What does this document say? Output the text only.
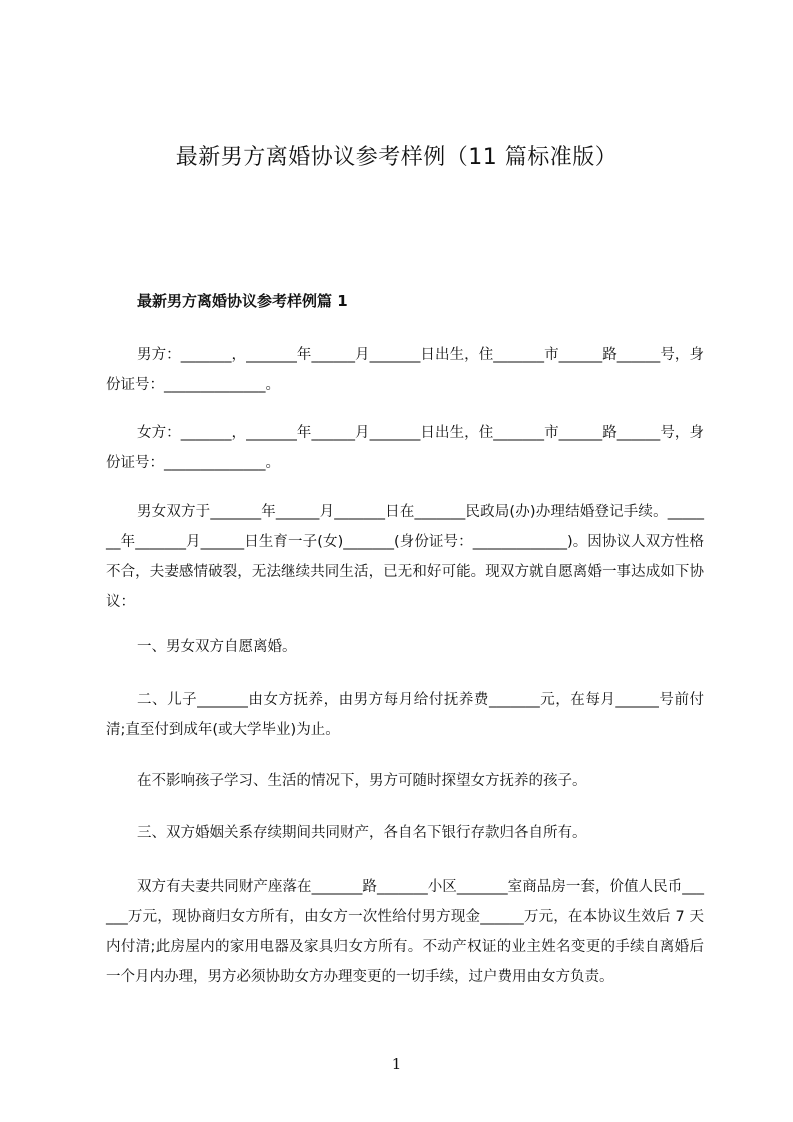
最新男方离婚协议参考样例（11 篇标准版）
最新男方离婚协议参考样例篇 1
男方：_______，_______年______月_______日出生，住_______市______路______号，身份证号：______________。
女方：_______，_______年______月_______日出生，住_______市______路______号，身份证号：______________。
男女双方于_______年______月_______日在_______民政局(办)办理结婚登记手续。_______年_______月______日生育一子(女)_______(身份证号：_____________)。因协议人双方性格不合，夫妻感情破裂，无法继续共同生活，已无和好可能。现双方就自愿离婚一事达成如下协议：
一、男女双方自愿离婚。
二、儿子_______由女方抚养，由男方每月给付抚养费_______元，在每月______号前付清;直至付到成年(或大学毕业)为止。
在不影响孩子学习、生活的情况下，男方可随时探望女方抚养的孩子。
三、双方婚姻关系存续期间共同财产，各自名下银行存款归各自所有。
双方有夫妻共同财产座落在_______路_______小区_______室商品房一套，价值人民币______万元，现协商归女方所有，由女方一次性给付男方现金______万元，在本协议生效后 7 天内付清;此房屋内的家用电器及家具归女方所有。不动产权证的业主姓名变更的手续自离婚后一个月内办理，男方必须协助女方办理变更的一切手续，过户费用由女方负责。
1
